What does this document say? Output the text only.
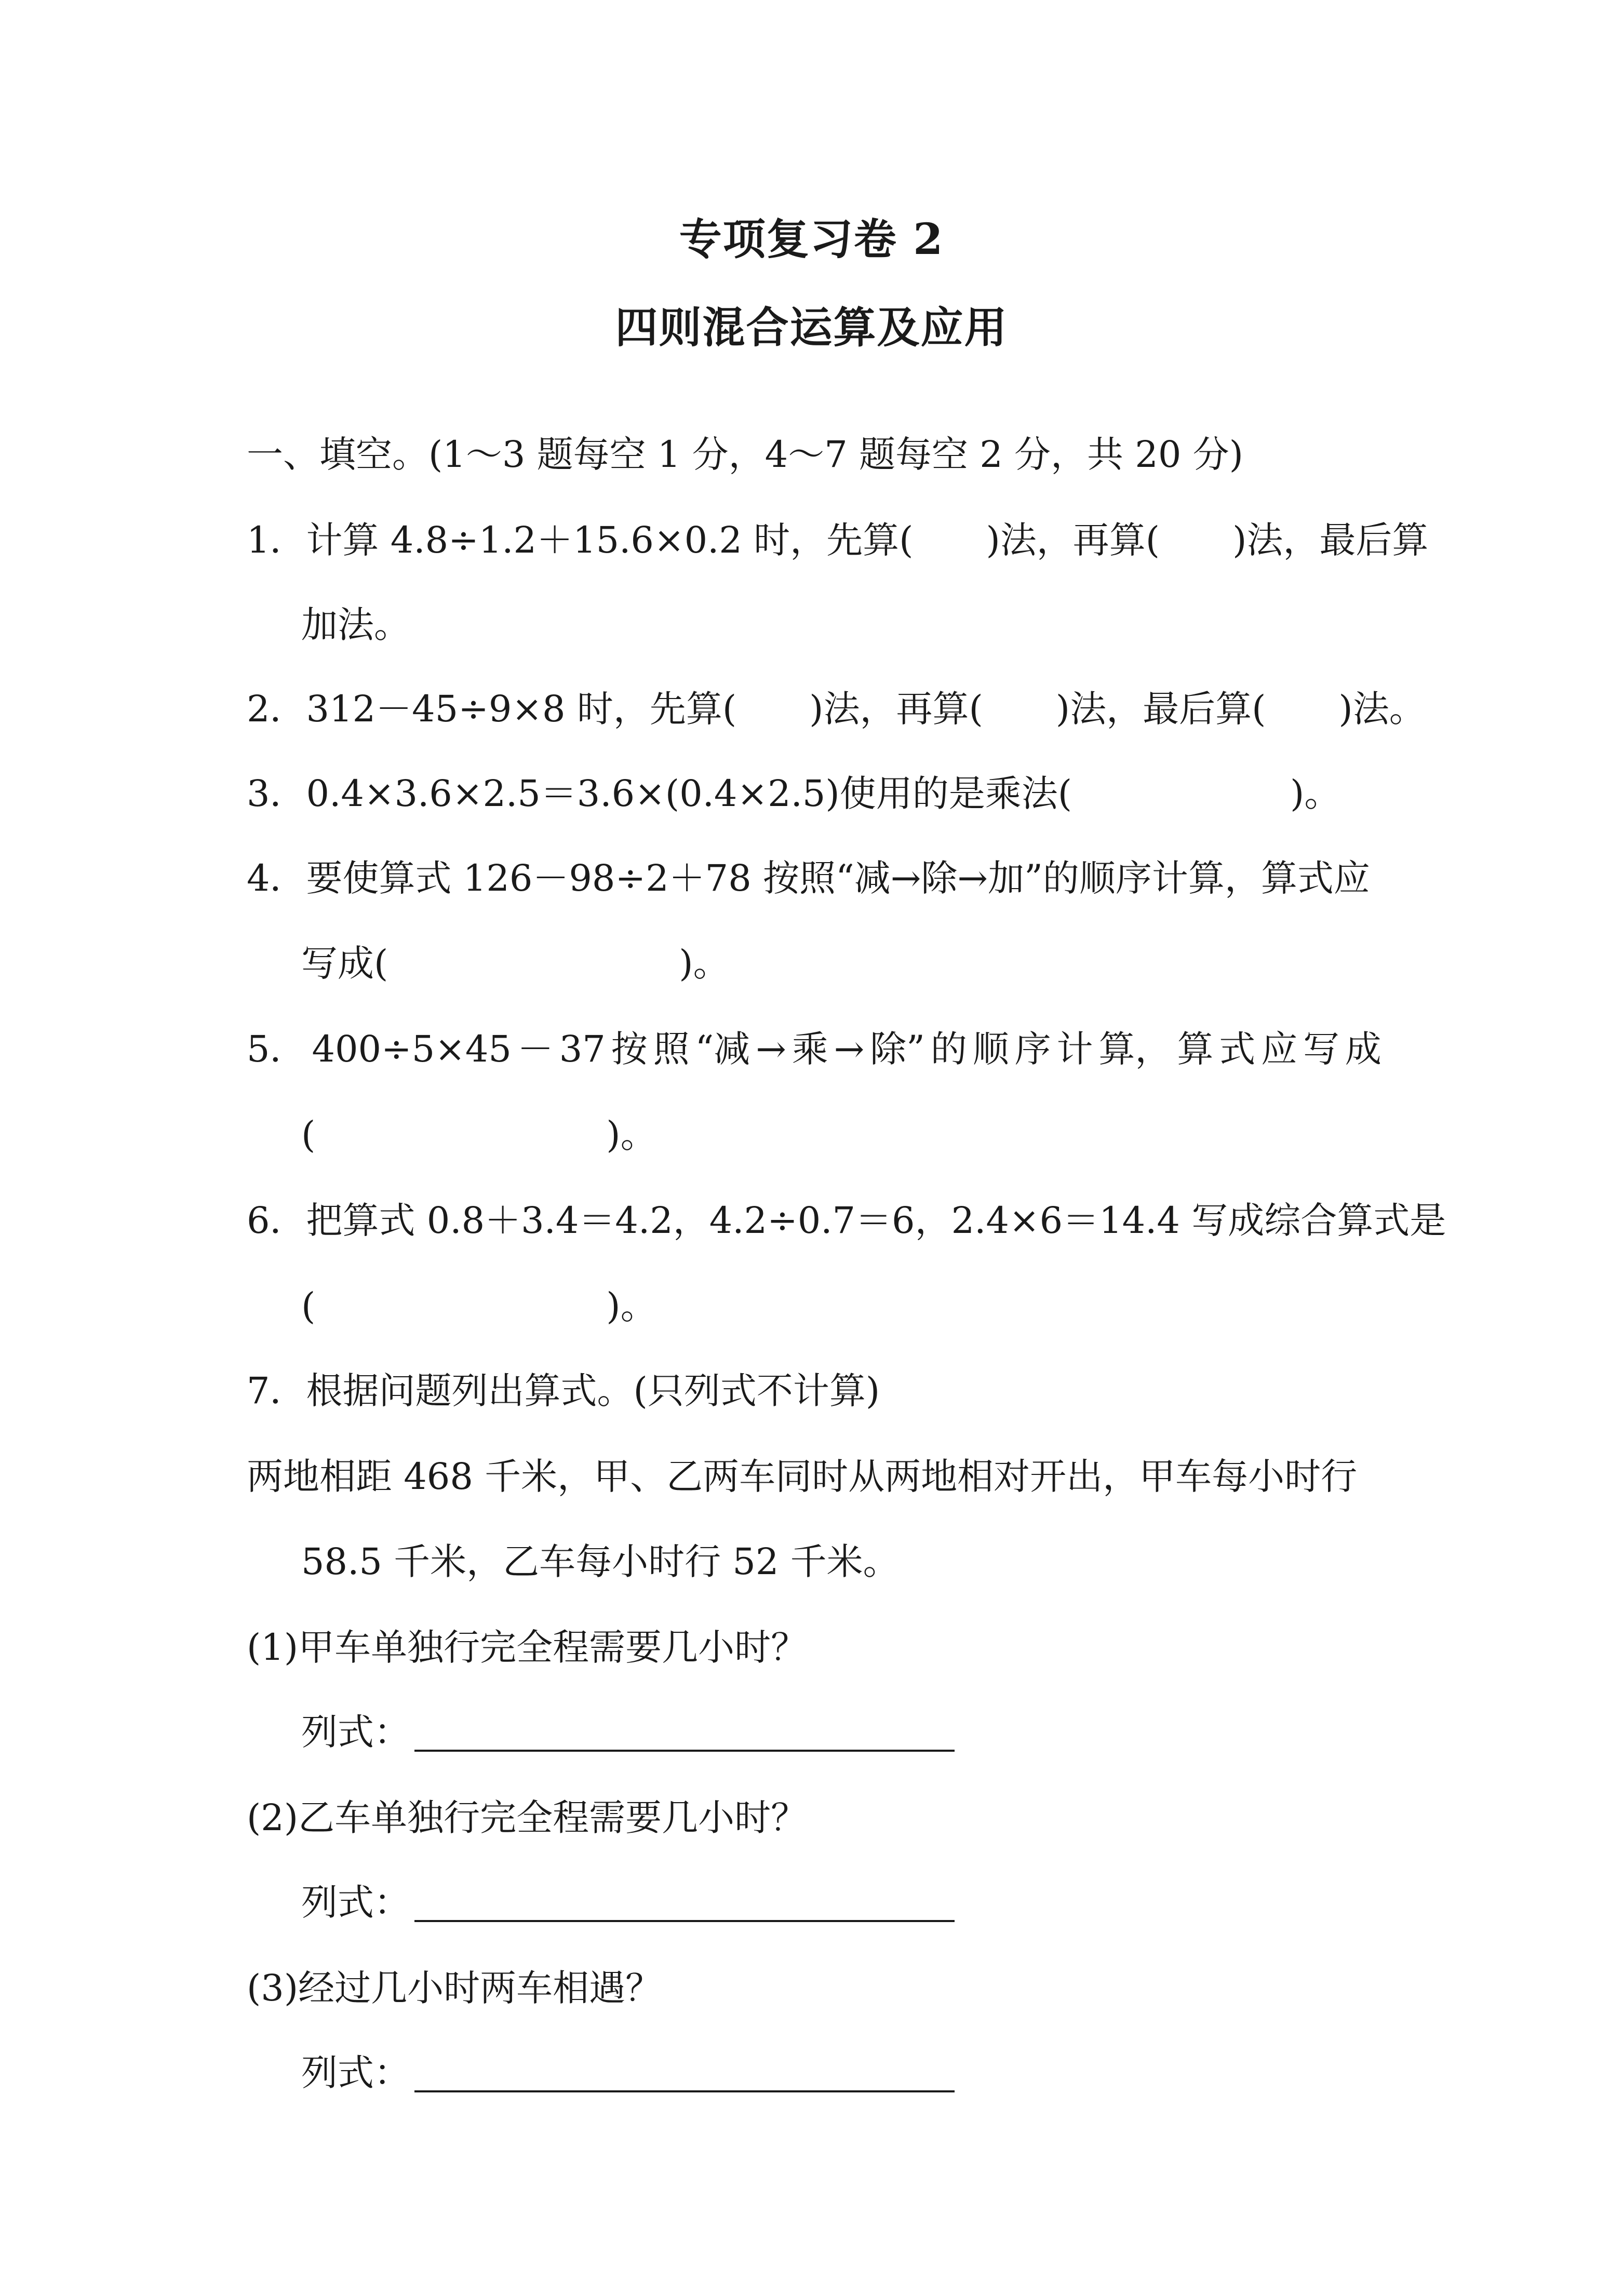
专项复习卷 2
四则混合运算及应用
一、填空。(1～3 题每空 1 分，4～7 题每空 2 分，共 20 分)
1．计算 4.8÷1.2＋15.6×0.2 时，先算(　　)法，再算(　　)法，最后算
加法。
2．312－45÷9×8 时，先算(　　)法，再算(　　)法，最后算(　　)法。
3．0.4×3.6×2.5＝3.6×(0.4×2.5)使用的是乘法(　　　　　　)。
4．要使算式 126－98÷2＋78 按照“减→除→加”的顺序计算，算式应
写成(　　　　　　　　)。
5． 400÷5×45 － 37 按 照 “减 → 乘 → 除” 的 顺 序 计 算， 算 式 应 写 成
(　　　　　　　　)。
6．把算式 0.8＋3.4＝4.2，4.2÷0.7＝6，2.4×6＝14.4 写成综合算式是
(　　　　　　　　)。
7．根据问题列出算式。(只列式不计算)
两地相距 468 千米，甲、乙两车同时从两地相对开出，甲车每小时行
58.5 千米，乙车每小时行 52 千米。
(1)甲车单独行完全程需要几小时？
列式：
(2)乙车单独行完全程需要几小时？
列式：
(3)经过几小时两车相遇？
列式：
